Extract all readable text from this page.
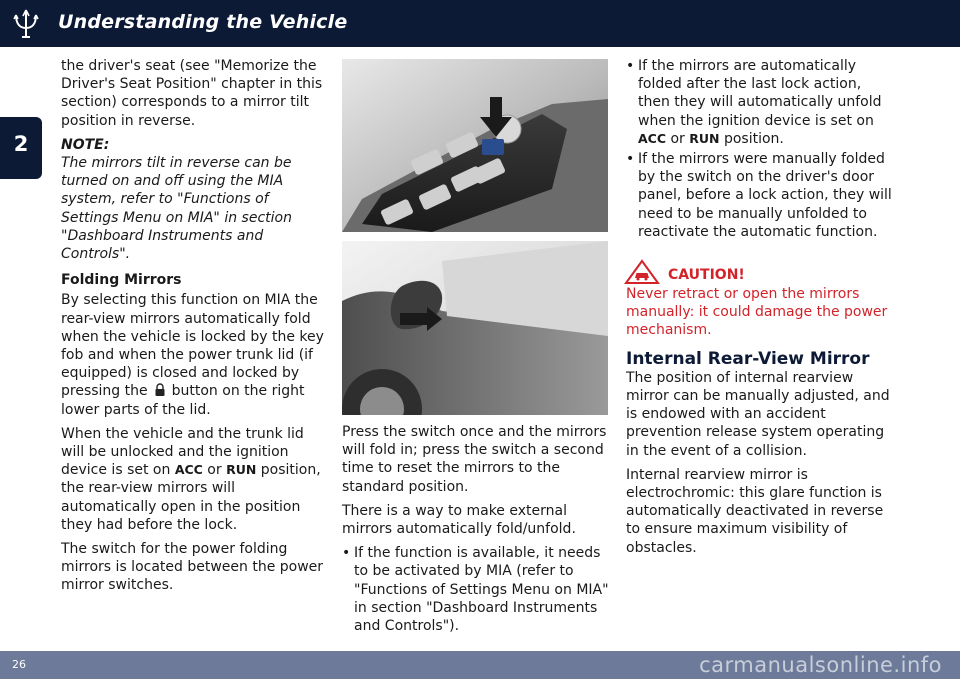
Understanding the Vehicle
2

the driver's seat (see "Memorize the Driver's Seat Position" chapter in this section) corresponds to a mirror tilt position in reverse.

NOTE:
The mirrors tilt in reverse can be turned on and off using the MIA system, refer to "Functions of Settings Menu on MIA" in section "Dashboard Instruments and Controls".

Folding Mirrors

By selecting this function on MIA the rear-view mirrors automatically fold when the vehicle is locked by the key fob and when the power trunk lid (if equipped) is closed and locked by pressing the button on the right lower parts of the lid.

When the vehicle and the trunk lid will be unlocked and the ignition device is set on ACC or RUN position, the rear-view mirrors will automatically open in the position they had before the lock.

The switch for the power folding mirrors is located between the power mirror switches.

Press the switch once and the mirrors will fold in; press the switch a second time to reset the mirrors to the standard position.

There is a way to make external mirrors automatically fold/unfold.

• If the function is available, it needs to be activated by MIA (refer to "Functions of Settings Menu on MIA" in section "Dashboard Instruments and Controls").
• If the mirrors are automatically folded after the last lock action, then they will automatically unfold when the ignition device is set on ACC or RUN position.
• If the mirrors were manually folded by the switch on the driver's door panel, before a lock action, they will need to be manually unfolded to reactivate the automatic function.
CAUTION!

Never retract or open the mirrors manually: it could damage the power mechanism.

Internal Rear-View Mirror

The position of internal rearview mirror can be manually adjusted, and is endowed with an accident prevention release system operating in the event of a collision.

Internal rearview mirror is electrochromic: this glare function is automatically deactivated in reverse to ensure maximum visibility of obstacles.

26	carmanualsonline.info
